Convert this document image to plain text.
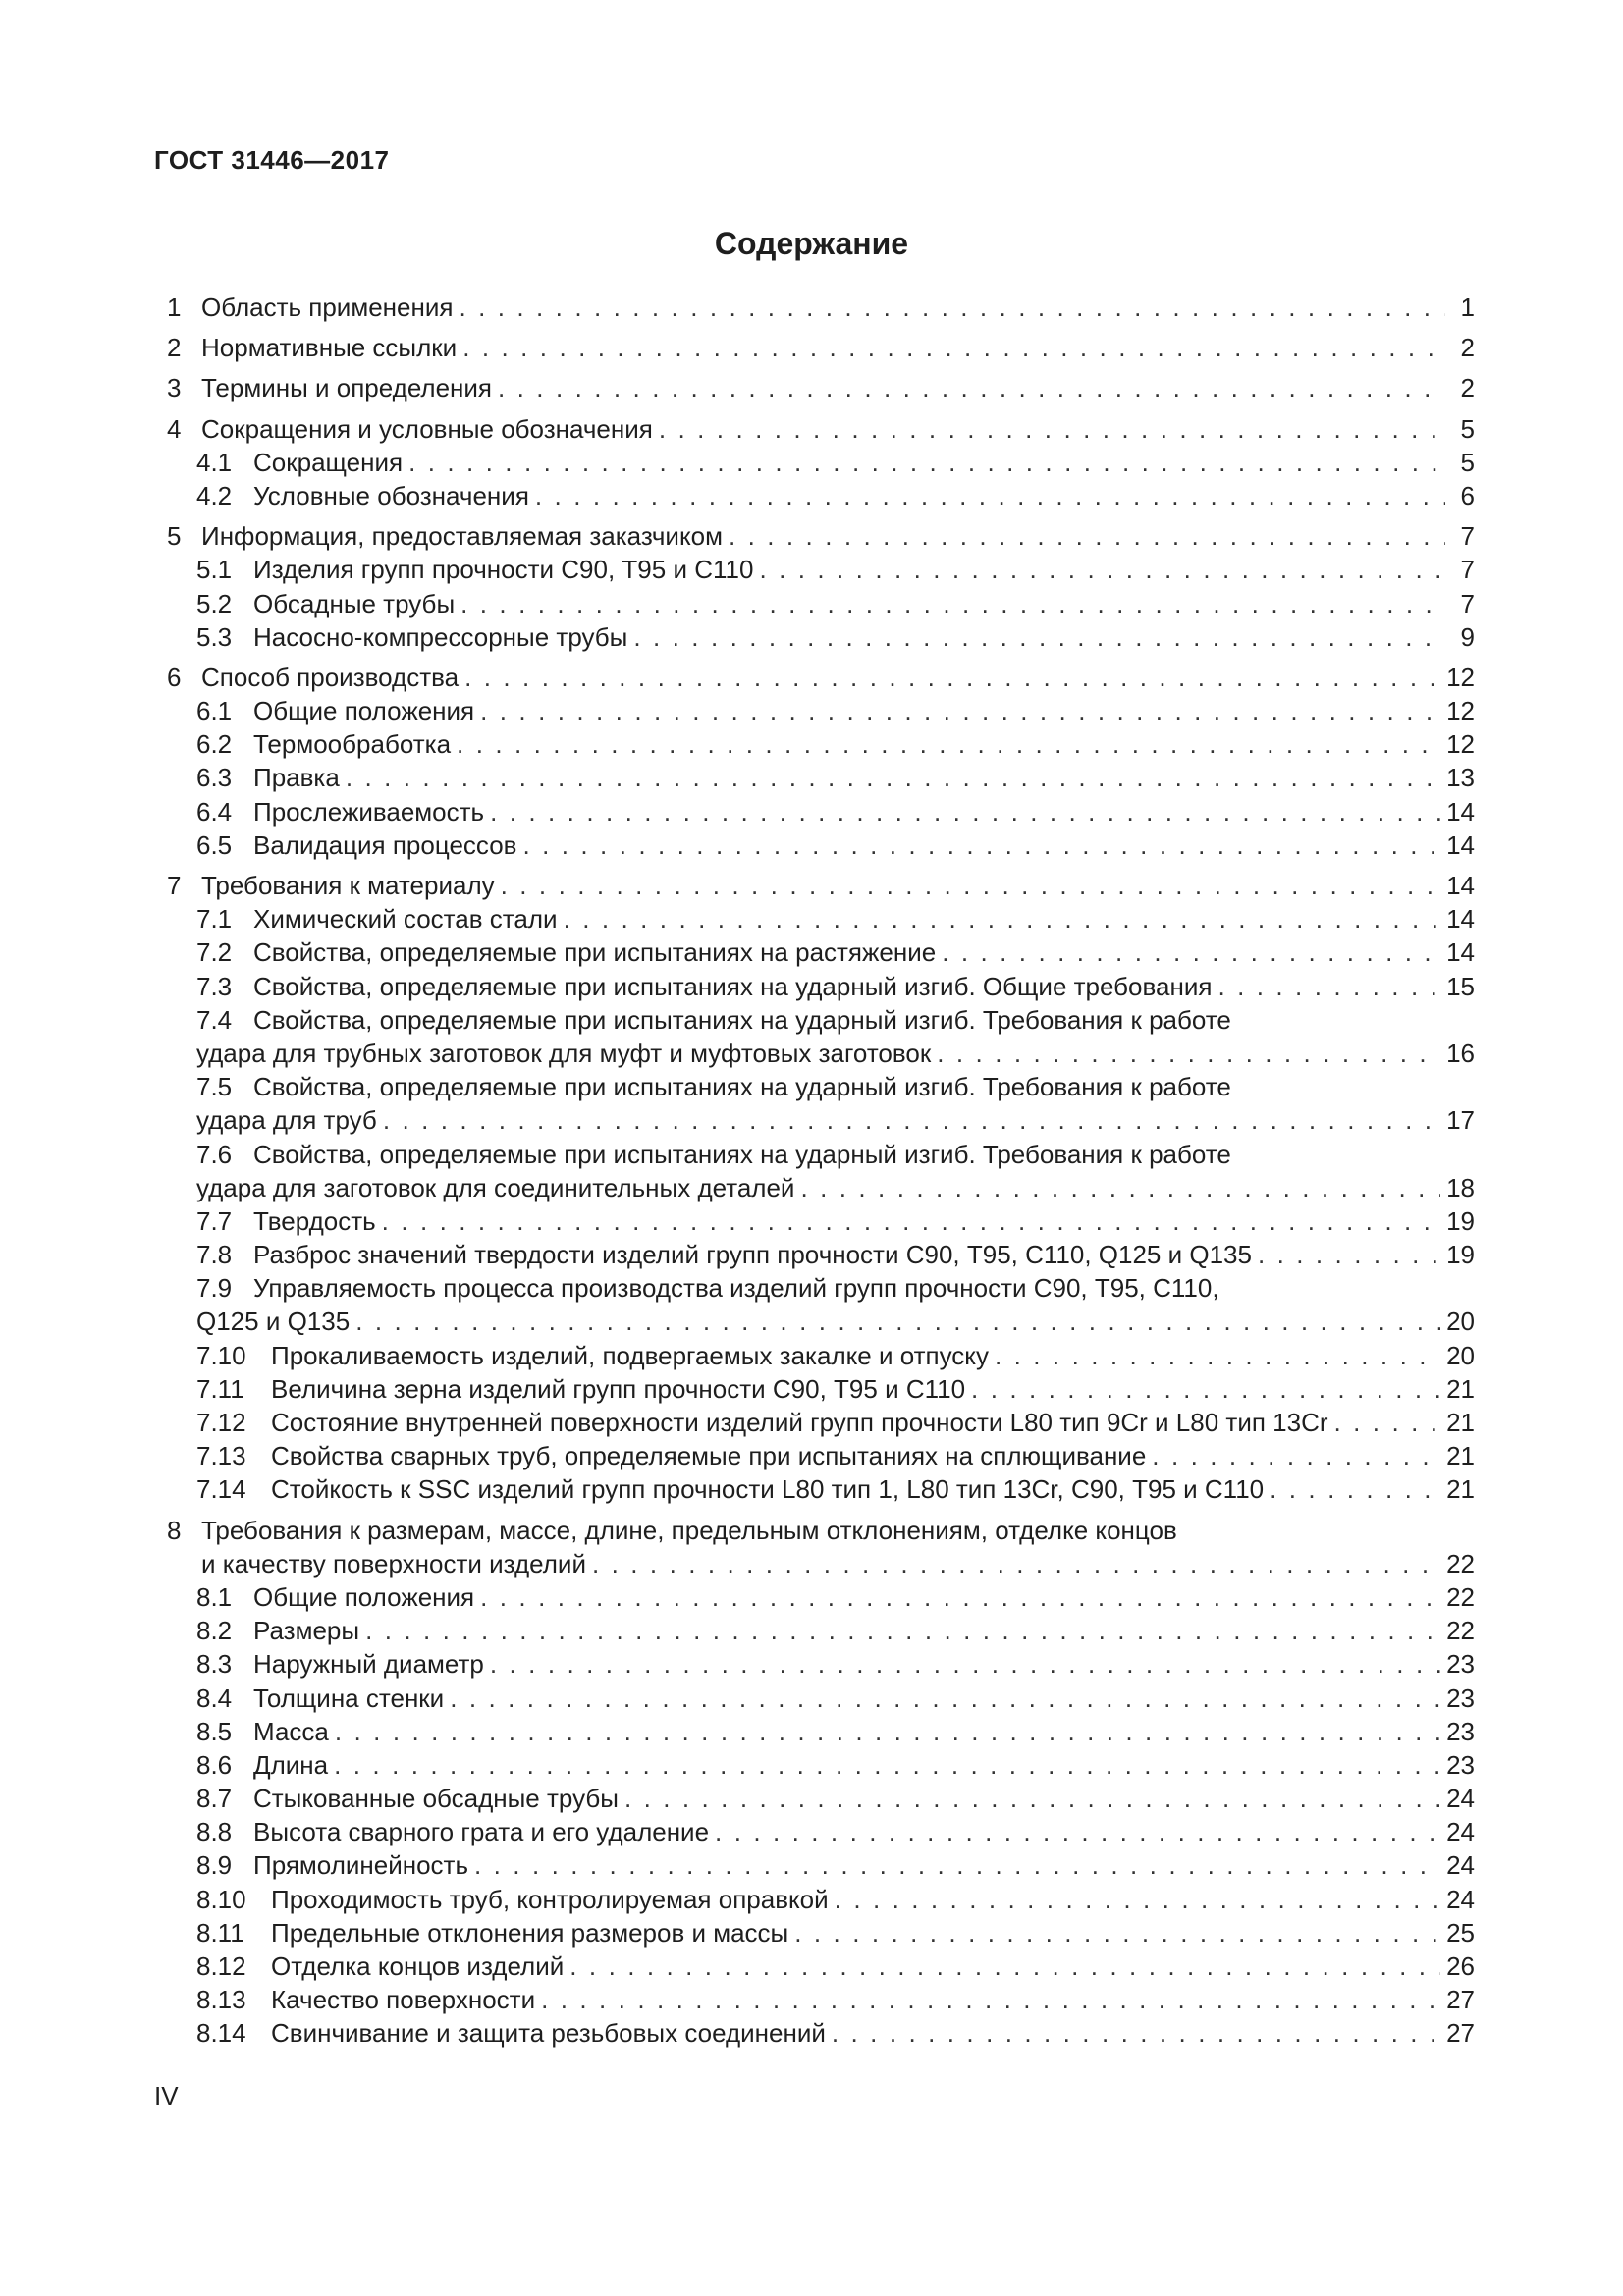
ГОСТ 31446—2017
Содержание
1 Область применения . . .	1
2 Нормативные ссылки . . .	2
3 Термины и определения . . .	2
4 Сокращения и условные обозначения . . .	5
4.1 Сокращения . . .	5
4.2 Условные обозначения . . .	6
5 Информация, предоставляемая заказчиком . . .	7
5.1 Изделия групп прочности С90, Т95 и С110 . . .	7
5.2 Обсадные трубы . . .	7
5.3 Насосно-компрессорные трубы . . .	9
6 Способ производства . . .	12
6.1 Общие положения . . .	12
6.2 Термообработка . . .	12
6.3 Правка . . .	13
6.4 Прослеживаемость . . .	14
6.5 Валидация процессов . . .	14
7 Требования к материалу . . .	14
7.1 Химический состав стали . . .	14
7.2 Свойства, определяемые при испытаниях на растяжение . . .	14
7.3 Свойства, определяемые при испытаниях на ударный изгиб. Общие требования . . .	15
7.4 Свойства, определяемые при испытаниях на ударный изгиб. Требования к работе
удара для трубных заготовок для муфт и муфтовых заготовок . . .	16
7.5 Свойства, определяемые при испытаниях на ударный изгиб. Требования к работе
удара для труб . . .	17
7.6 Свойства, определяемые при испытаниях на ударный изгиб. Требования к работе
удара для заготовок для соединительных деталей . . .	18
7.7 Твердость . . .	19
7.8 Разброс значений твердости изделий групп прочности С90, Т95, С110, Q125 и Q135 . . .	19
7.9 Управляемость процесса производства изделий групп прочности С90, Т95, С110,
Q125 и Q135 . . .	20
7.10 Прокаливаемость изделий, подвергаемых закалке и отпуску . . .	20
7.11 Величина зерна изделий групп прочности С90, Т95 и С110 . . .	21
7.12 Состояние внутренней поверхности изделий групп прочности L80 тип 9Cr и L80 тип 13Cr . . .	21
7.13 Свойства сварных труб, определяемые при испытаниях на сплющивание . . .	21
7.14 Стойкость к SSC изделий групп прочности L80 тип 1, L80 тип 13Cr, С90, Т95 и С110 . . .	21
8 Требования к размерам, массе, длине, предельным отклонениям, отделке концов
и качеству поверхности изделий . . .	22
8.1 Общие положения . . .	22
8.2 Размеры . . .	22
8.3 Наружный диаметр . . .	23
8.4 Толщина стенки . . .	23
8.5 Масса . . .	23
8.6 Длина . . .	23
8.7 Стыкованные обсадные трубы . . .	24
8.8 Высота сварного грата и его удаление . . .	24
8.9 Прямолинейность . . .	24
8.10 Проходимость труб, контролируемая оправкой . . .	24
8.11 Предельные отклонения размеров и массы . . .	25
8.12 Отделка концов изделий . . .	26
8.13 Качество поверхности . . .	27
8.14 Свинчивание и защита резьбовых соединений . . .	27
IV
